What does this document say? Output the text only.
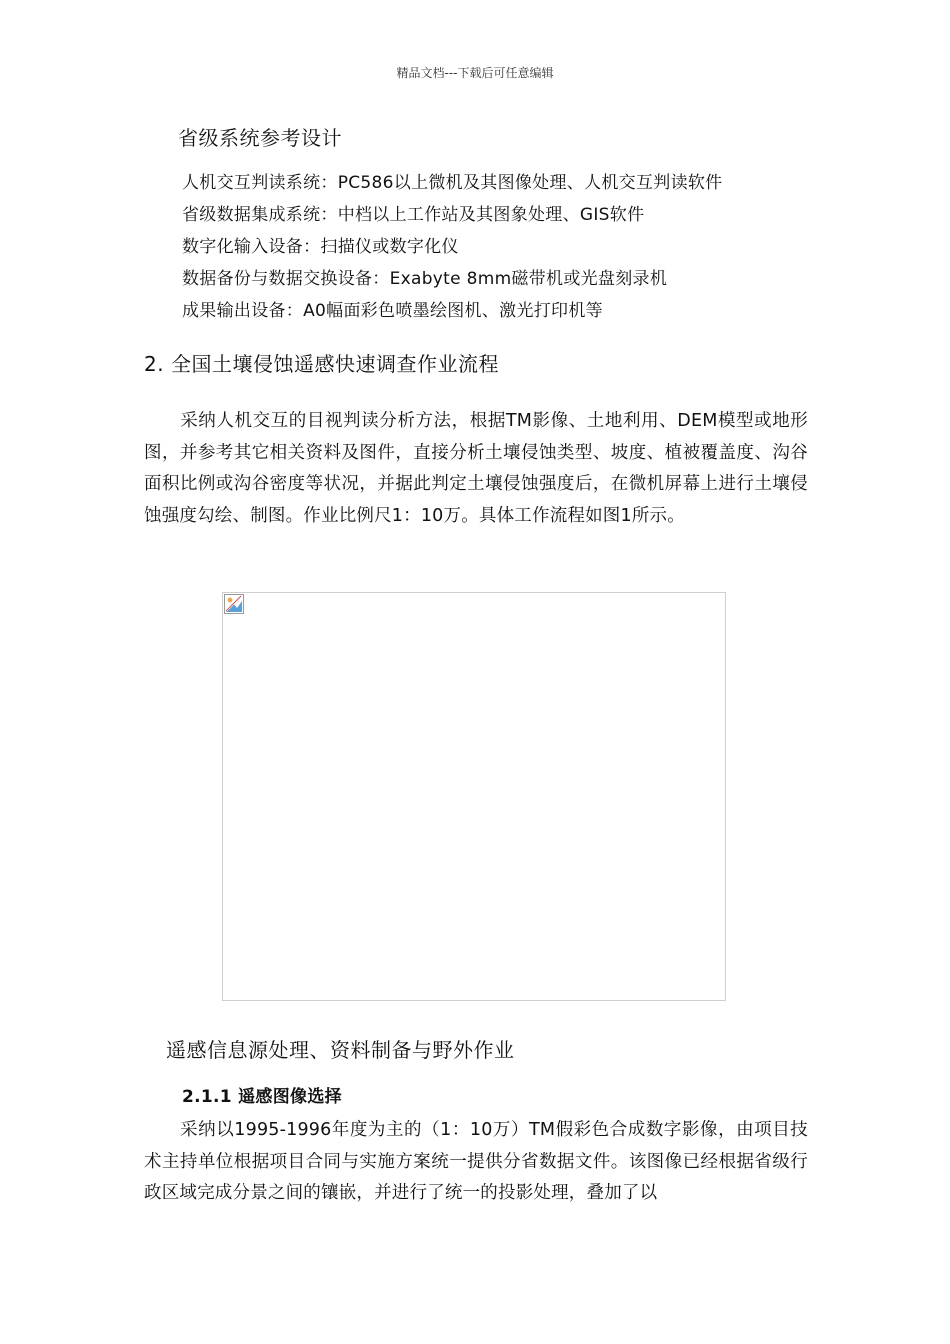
精品文档---下载后可任意编辑
省级系统参考设计
人机交互判读系统：PC586以上微机及其图像处理、人机交互判读软件
省级数据集成系统：中档以上工作站及其图象处理、GIS软件
数字化输入设备：扫描仪或数字化仪
数据备份与数据交换设备：Exabyte 8mm磁带机或光盘刻录机
成果输出设备：A0幅面彩色喷墨绘图机、激光打印机等
2. 全国土壤侵蚀遥感快速调查作业流程
　　采纳人机交互的目视判读分析方法，根据TM影像、土地利用、DEM模型或地形图，并参考其它相关资料及图件，直接分析土壤侵蚀类型、坡度、植被覆盖度、沟谷面积比例或沟谷密度等状况，并据此判定土壤侵蚀强度后，在微机屏幕上进行土壤侵蚀强度勾绘、制图。作业比例尺1：10万。具体工作流程如图1所示。
遥感信息源处理、资料制备与野外作业
2.1.1 遥感图像选择
　　采纳以1995-1996年度为主的（1：10万）TM假彩色合成数字影像，由项目技术主持单位根据项目合同与实施方案统一提供分省数据文件。该图像已经根据省级行政区域完成分景之间的镶嵌，并进行了统一的投影处理，叠加了以
